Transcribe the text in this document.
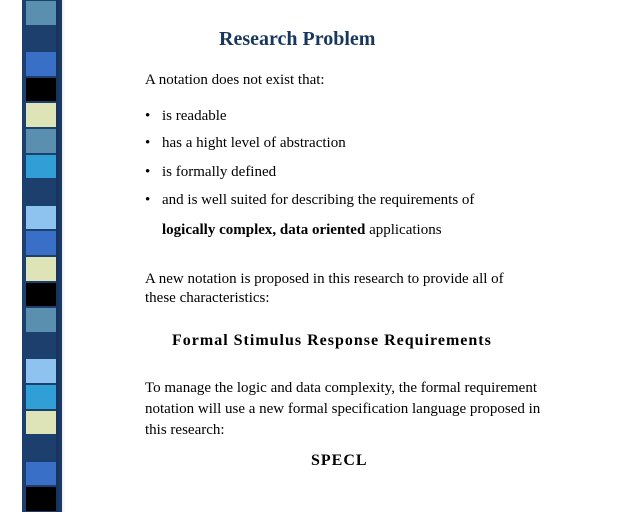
Research Problem
A notation does not exist that:
• is readable
• has a hight level of abstraction
• is formally defined
• and is well suited for describing the requirements of
logically complex, data oriented applications
A new notation is proposed in this research to provide all of
these characteristics:
Formal Stimulus Response Requirements
To manage the logic and data complexity, the formal requirement
notation will use a new formal specification language proposed in
this research:
SPECL
